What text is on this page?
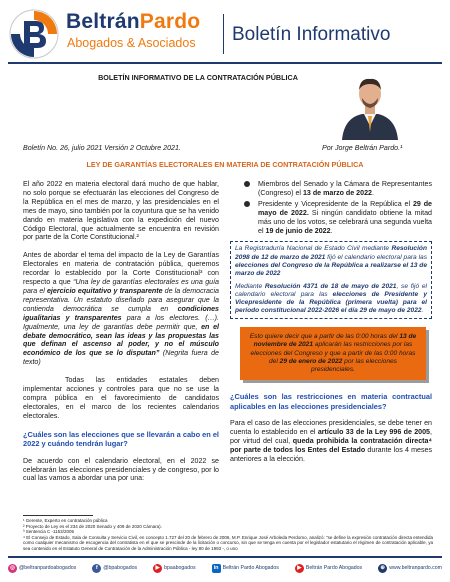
BeltránPardo
Abogados & Asociados Boletín Informativo
BOLETÍN INFORMATIVO DE LA CONTRATACIÓN PÚBLICA
Boletín No. 26, julio 2021 Versión 2 Octubre 2021.	Por Jorge Beltrán Pardo.¹
LEY DE GARANTÍAS ELECTORALES EN MATERIA DE CONTRATACIÓN PÚBLICA

El año 2022 en materia electoral dará mucho de que hablar, no solo porque se efectuarán las elecciones del Congreso de la República en el mes de marzo, y las presidenciales en el mes de mayo, sino también por la coyuntura que se ha venido dando en materia legislativa con la expedición del nuevo Código Electoral, que actualmente se encuentra en revisión por parte de la Corte Constitucional.²

Antes de abordar el tema del impacto de la Ley de Garantías Electorales en materia de contratación pública, queremos recordar lo establecido por la Corte Constitucional³ con respecto a que “Una ley de garantías electorales es una guía para el ejercicio equitativo y transparente de la democracia representativa. Un estatuto diseñado para asegurar que la contienda democrática se cumpla en condiciones igualitarias y transparentes para a los electores. (…). Igualmente, una ley de garantías debe permitir que, en el debate democrático, sean las ideas y las propuestas las que definan el ascenso al poder, y no el músculo económico de los que se lo disputan” (Negrita fuera de texto)

Todas las entidades estatales deben implementar acciones y controles para que no se use la compra pública en el favorecimiento de candidatos electorales, en el marco de los recientes calendarios electorales.

¿Cuáles son las elecciones que se llevarán a cabo en el 2022 y cuándo tendrán lugar?

De acuerdo con el calendario electoral, en el 2022 se celebrarán las elecciones presidenciales y de congreso, por lo cual las vamos a abordar una por una:

Miembros del Senado y la Cámara de Representantes (Congreso) el 13 de marzo de 2022.
Presidente y Vicepresidente de la República el 29 de mayo de 2022. Si ningún candidato obtiene la mitad más uno de los votos, se celebrará una segunda vuelta el 19 de junio de 2022.

La Registraduría Nacional de Estado Civil mediante Resolución 2098 de 12 de marzo de 2021 fijó el calendario electoral para las elecciones del Congreso de la República a realizarse el 13 de marzo de 2022

Mediante Resolución 4371 de 18 de mayo de 2021, se fijó el calendario electoral para las elecciones de Presidente y Vicepresidente de la República (primera vuelta) para el período constitucional 2022-2026 el día 29 de mayo de 2022.

Esto quiere decir que a partir de las 0:00 horas del 13 de noviembre de 2021 aplicarán las restricciones por las elecciones del Congreso y que a partir de las 0:00 horas del 29 de enero de 2022 por las elecciones presidenciales.
¿Cuáles son las restricciones en materia contractual aplicables en las elecciones presidenciales?

Para el caso de las elecciones presidenciales, se debe tener en cuenta lo establecido en el artículo 33 de la Ley 996 de 2005, por virtud del cual, queda prohibida la contratación directa⁴ por parte de todos los Entes del Estado durante los 4 meses anteriores a la elección.

¹ Gerente, Experto en contratación pública

² Proyecto de Ley es el 234 de 2020 Senado y 409 de 2020 Cámara).

³ Sentencia C -1153/2005

⁴ El Consejo de Estado, Sala de Consulta y Servicio Civil, en concepto 1.727 del 20 de febrero de 2006, M.P. Enrique José Arboleda Perdomo, analizó: "se define la expresión contratación directa entendida como cualquier mecanismo de escogencia del contratista en el que se prescinde de la licitación o concurso, sin que se tenga en cuenta por el legislador estatutario el régimen de contratación aplicable, ya sea contenido en el Estatuto General de Contratación de la Administración Pública - ley 80 de 1993 -, o uno

◎ @beltranpardoabogados	f	@bpabogados	▶ bpaabogados	in Beltrán Pardo Abogados	▶ Beltrán Pardo Abogados	⊕ www.beltranpardo.com
